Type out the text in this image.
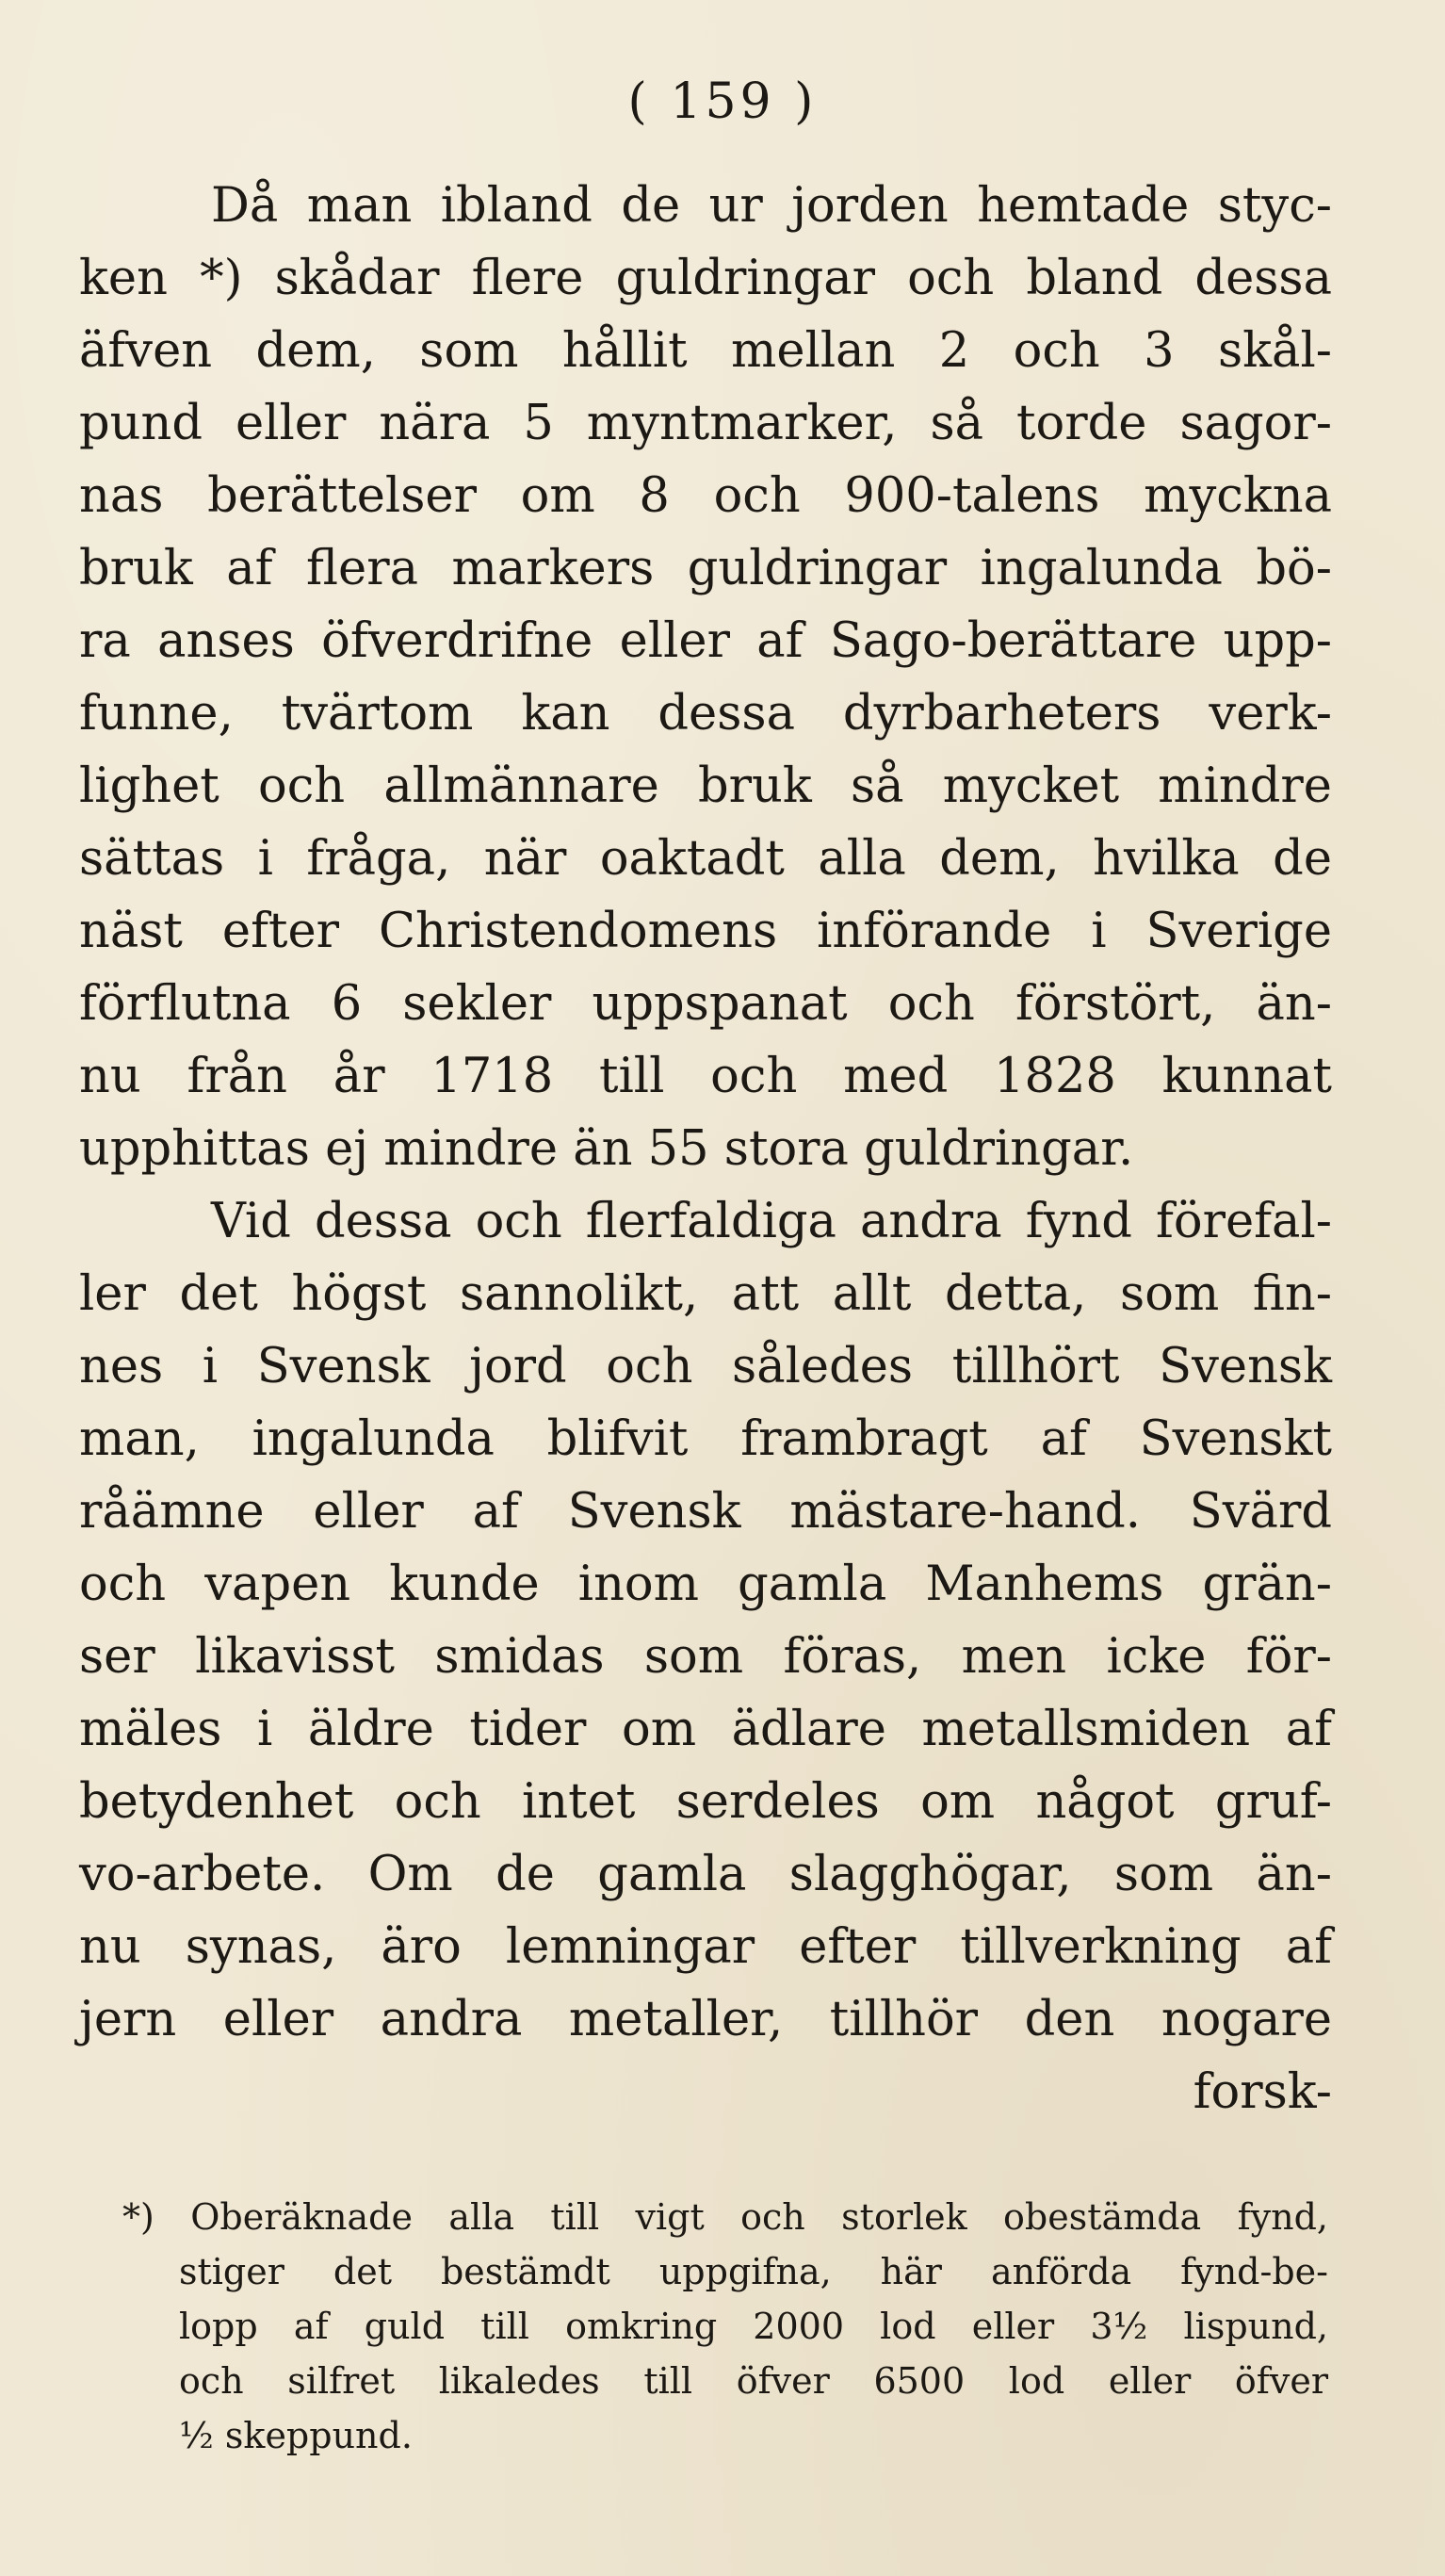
( 159 )
Då man ibland de ur jorden hemtade styc-
ken *) skådar flere guldringar och bland dessa
äfven dem, som hållit mellan 2 och 3 skål-
pund eller nära 5 myntmarker, så torde sagor-
nas berättelser om 8 och 900-talens myckna
bruk af flera markers guldringar ingalunda bö-
ra anses öfverdrifne eller af Sago-berättare upp-
funne, tvärtom kan dessa dyrbarheters verk-
lighet och allmännare bruk så mycket mindre
sättas i fråga, när oaktadt alla dem, hvilka de
näst efter Christendomens införande i Sverige
förflutna 6 sekler uppspanat och förstört, än-
nu från år 1718 till och med 1828 kunnat
upphittas ej mindre än 55 stora guldringar.
Vid dessa och flerfaldiga andra fynd förefal-
ler det högst sannolikt, att allt detta, som fin-
nes i Svensk jord och således tillhört Svensk
man, ingalunda blifvit frambragt af Svenskt
råämne eller af Svensk mästare-hand. Svärd
och vapen kunde inom gamla Manhems grän-
ser likavisst smidas som föras, men icke för-
mäles i äldre tider om ädlare metallsmiden af
betydenhet och intet serdeles om något gruf-
vo-arbete. Om de gamla slagghögar, som än-
nu synas, äro lemningar efter tillverkning af
jern eller andra metaller, tillhör den nogare
forsk-
*) Oberäknade alla till vigt och storlek obestämda fynd,
stiger det bestämdt uppgifna, här anförda fynd-be-
lopp af guld till omkring 2000 lod eller 3½ lispund,
och silfret likaledes till öfver 6500 lod eller öfver
½ skeppund.
